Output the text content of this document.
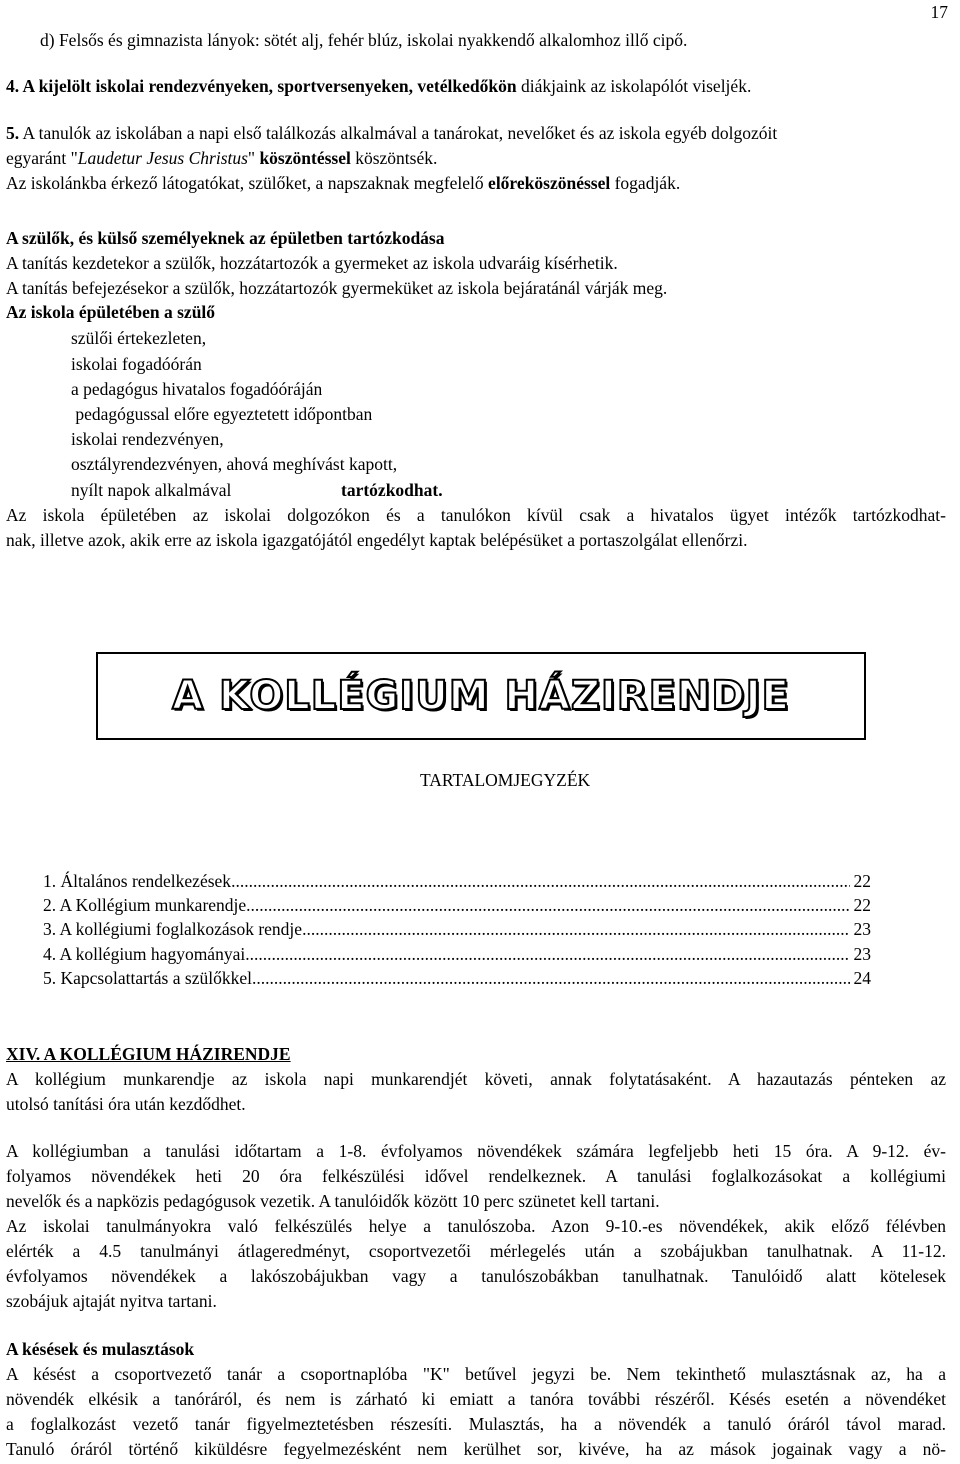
17
d) Felsős és gimnazista lányok: sötét alj, fehér blúz, iskolai nyakkendő alkalomhoz illő cipő.
4. A kijelölt iskolai rendezvényeken, sportversenyeken, vetélkedőkön diákjaink az iskolapólót viseljék.
5. A tanulók az iskolában a napi első találkozás alkalmával a tanárokat, nevelőket és az iskola egyéb dolgozóit
egyaránt "Laudetur Jesus Christus" köszöntéssel köszöntsék.
Az iskolánkba érkező látogatókat, szülőket, a napszaknak megfelelő előreköszönéssel fogadják.
A szülők, és külső személyeknek az épületben tartózkodása
A tanítás kezdetekor a szülők, hozzátartozók a gyermeket az iskola udvaráig kísérhetik.
A tanítás befejezésekor a szülők, hozzátartozók gyermeküket az iskola bejáratánál várják meg.
Az iskola épületében a szülő
szülői értekezleten,
iskolai fogadóórán
a pedagógus hivatalos fogadóóráján
pedagógussal előre egyeztetett időpontban
iskolai rendezvényen,
osztályrendezvényen, ahová meghívást kapott,
nyílt napok alkalmával	tartózkodhat.
Az iskola épületében az iskolai dolgozókon és a tanulókon kívül csak a hivatalos ügyet intézők tartózkodhat-
nak, illetve azok, akik erre az iskola igazgatójától engedélyt kaptak belépésüket a portaszolgálat ellenőrzi.
A KOLLÉGIUM HÁZIRENDJE
TARTALOMJEGYZÉK
1. Általános rendelkezések .....	22
2. A Kollégium munkarendje .....	22
3. A kollégiumi foglalkozások rendje .....	23
4. A kollégium hagyományai .....	23
5. Kapcsolattartás a szülőkkel .....	24
XIV. A KOLLÉGIUM HÁZIRENDJE
A kollégium munkarendje az iskola napi munkarendjét követi, annak folytatásaként. A hazautazás pénteken az
utolsó tanítási óra után kezdődhet.
A kollégiumban a tanulási időtartam a 1-8. évfolyamos növendékek számára legfeljebb heti 15 óra. A 9-12. év-
folyamos növendékek heti 20 óra felkészülési idővel rendelkeznek. A tanulási foglalkozásokat a kollégiumi
nevelők és a napközis pedagógusok vezetik. A tanulóidők között 10 perc szünetet kell tartani.
Az iskolai tanulmányokra való felkészülés helye a tanulószoba. Azon 9-10.-es növendékek, akik előző félévben
elérték a 4.5 tanulmányi átlageredményt, csoportvezetői mérlegelés után a szobájukban tanulhatnak. A 11-12.
évfolyamos növendékek a lakószobájukban vagy a tanulószobákban tanulhatnak. Tanulóidő alatt kötelesek
szobájuk ajtaját nyitva tartani.
A késések és mulasztások
A késést a csoportvezető tanár a csoportnaplóba "K" betűvel jegyzi be. Nem tekinthető mulasztásnak az, ha a
növendék elkésik a tanóráról, és nem is zárható ki emiatt a tanóra további részéről. Késés esetén a növendéket
a foglalkozást vezető tanár figyelmeztetésben részesíti. Mulasztás, ha a növendék a tanuló óráról távol marad.
Tanuló óráról történő kiküldésre fegyelmezésként nem kerülhet sor, kivéve, ha az mások jogainak vagy a nö-
